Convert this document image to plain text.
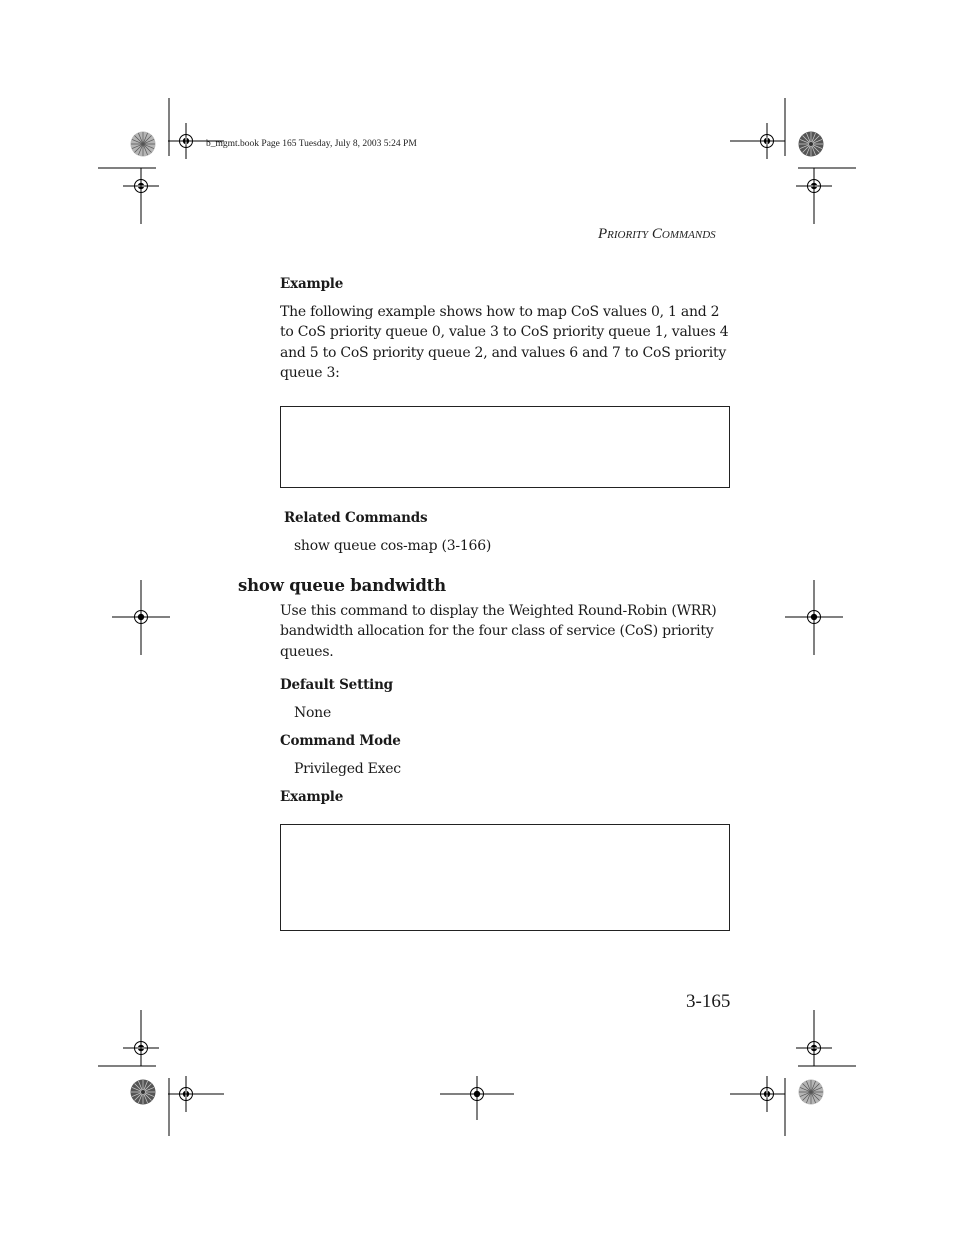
b_mgmt.book Page 165 Tuesday, July 8, 2003 5:24 PM
PRIORITY COMMANDS
Example
The following example shows how to map CoS values 0, 1 and 2 to CoS priority queue 0, value 3 to CoS priority queue 1, values 4 and 5 to CoS priority queue 2, and values 6 and 7 to CoS priority queue 3:
Related Commands
show queue cos-map (3-166)
show queue bandwidth
Use this command to display the Weighted Round-Robin (WRR) bandwidth allocation for the four class of service (CoS) priority queues.
Default Setting
None
Command Mode
Privileged Exec
Example
3-165
